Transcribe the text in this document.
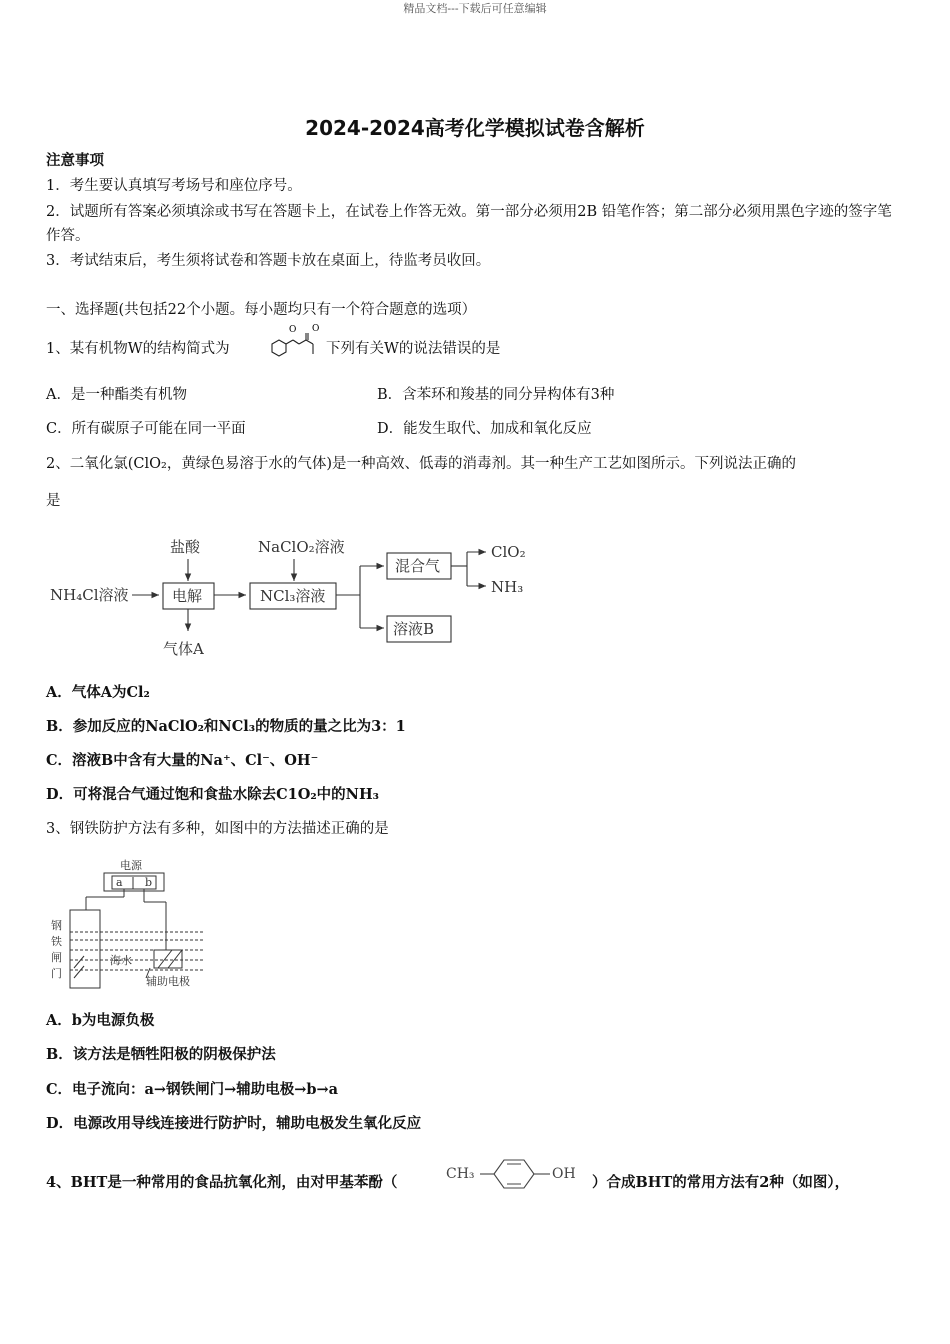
精品文档---下载后可任意编辑
2024-2024高考化学模拟试卷含解析
注意事项
1．考生要认真填写考场号和座位序号。
2．试题所有答案必须填涂或书写在答题卡上，在试卷上作答无效。第一部分必须用2B 铅笔作答；第二部分必须用黑色字迹的签字笔作答。
3．考试结束后，考生须将试卷和答题卡放在桌面上，待监考员收回。
一、选择题(共包括22个小题。每小题均只有一个符合题意的选项）
1、某有机物W的结构简式为
O O
下列有关W的说法错误的是
A．是一种酯类有机物	B．含苯环和羧基的同分异构体有3种
C．所有碳原子可能在同一平面	D．能发生取代、加成和氧化反应
2、二氧化氯(ClO₂，黄绿色易溶于水的气体)是一种高效、低毒的消毒剂。其一种生产工艺如图所示。下列说法正确的
是
NH₄Cl溶液
盐酸
电解
气体A
NaClO₂溶液
NCl₃溶液
混合气
溶液B
ClO₂
NH₃
A．气体A为Cl₂
B．参加反应的NaClO₂和NCl₃的物质的量之比为3：1
C．溶液B中含有大量的Na⁺、Cl⁻、OH⁻
D．可将混合气通过饱和食盐水除去C1O₂中的NH₃
3、钢铁防护方法有多种，如图中的方法描述正确的是
电源
a b
钢
铁
闸
门
海水
辅助电极
A．b为电源负极
B．该方法是牺牲阳极的阴极保护法
C．电子流向：a→钢铁闸门→辅助电极→b→a
D．电源改用导线连接进行防护时，辅助电极发生氧化反应
4、BHT是一种常用的食品抗氧化剂，由对甲基苯酚（	CH₃	OH ）合成BHT的常用方法有2种（如图），
